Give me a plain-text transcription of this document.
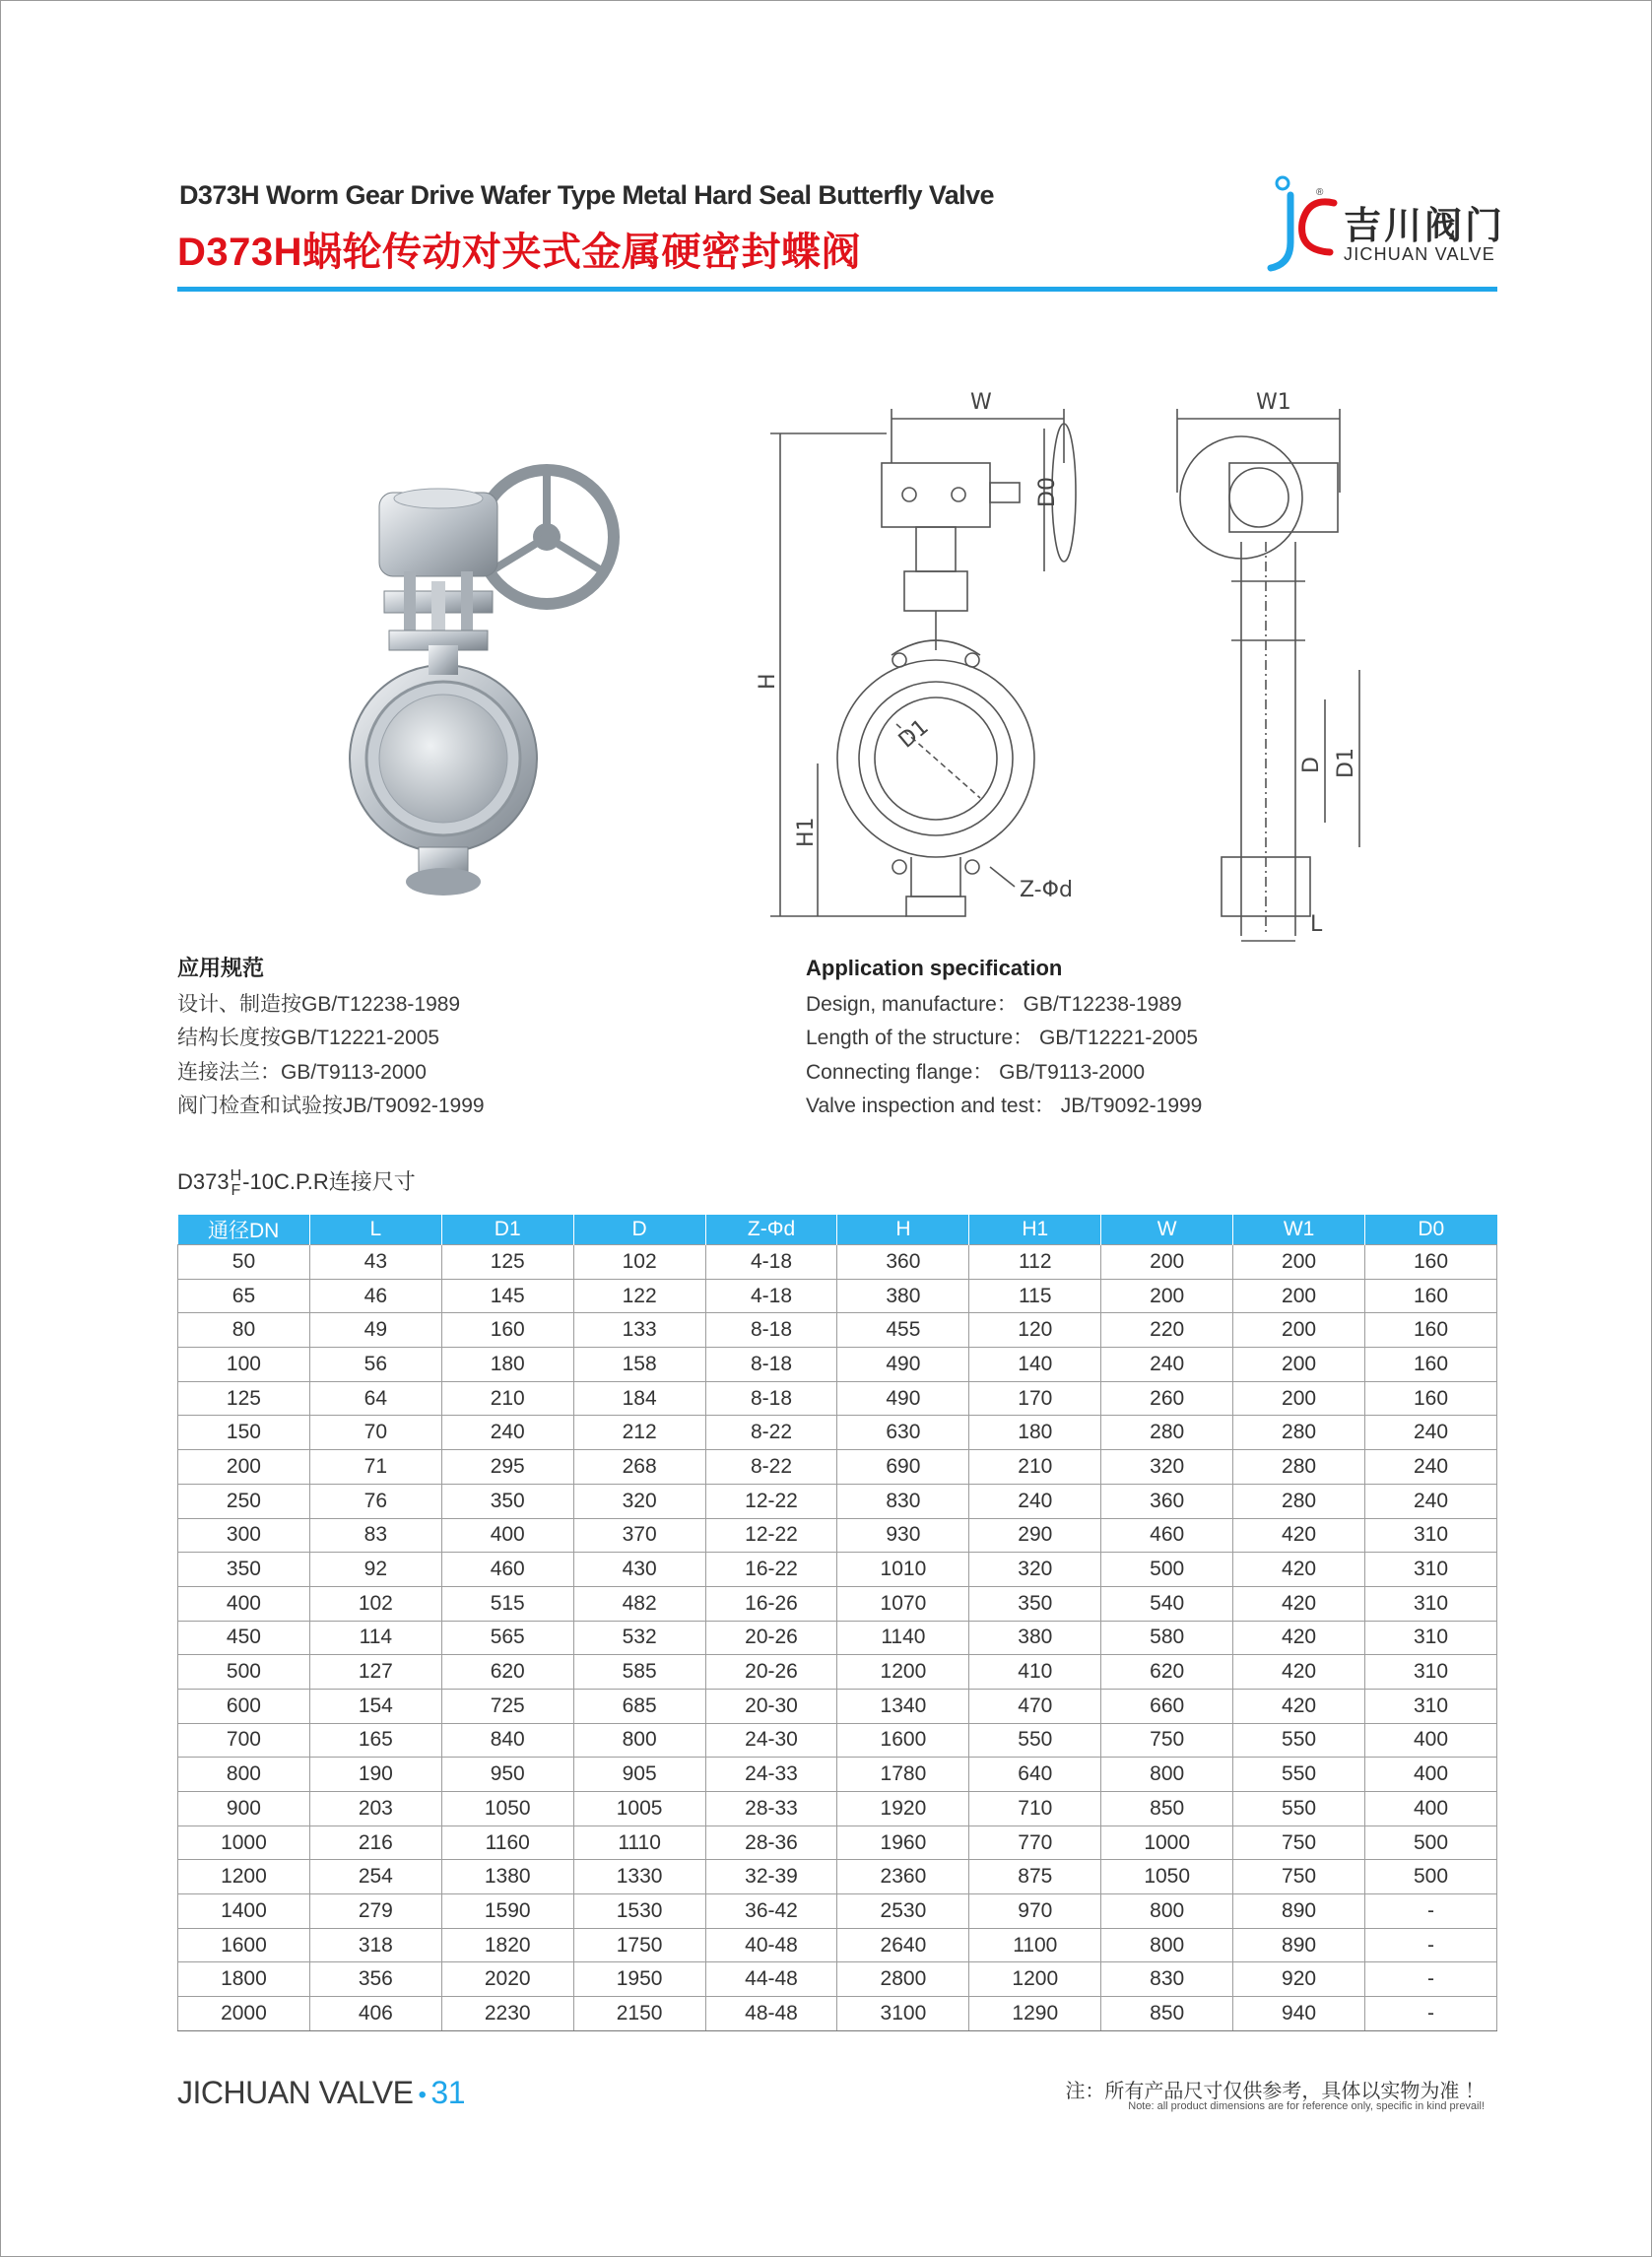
D373H Worm Gear Drive Wafer Type Metal Hard Seal Butterfly Valve
D373H蜗轮传动对夹式金属硬密封蝶阀
®
吉川阀门
JICHUAN VALVE
W	W1
D0
H
H1
D1
Z-Φd
D1
D
L
应用规范
设计、制造按GB/T12238-1989
结构长度按GB/T12221-2005
连接法兰：GB/T9113-2000
阀门检查和试验按JB/T9092-1999
Application specification
Design, manufacture： GB/T12238-1989
Length of the structure： GB/T12221-2005
Connecting flange： GB/T9113-2000
Valve inspection and test： JB/T9092-1999
D373 H
F -10C.P.R连接尺寸
通径DN	L	D1	D	Z-Φd	H	H1	W	W1	D0
50	43	125	102	4-18	360	112	200	200	160
65	46	145	122	4-18	380	115	200	200	160
80	49	160	133	8-18	455	120	220	200	160
100	56	180	158	8-18	490	140	240	200	160
125	64	210	184	8-18	490	170	260	200	160
150	70	240	212	8-22	630	180	280	280	240
200	71	295	268	8-22	690	210	320	280	240
250	76	350	320	12-22	830	240	360	280	240
300	83	400	370	12-22	930	290	460	420	310
350	92	460	430	16-22	1010	320	500	420	310
400	102	515	482	16-26	1070	350	540	420	310
450	114	565	532	20-26	1140	380	580	420	310
500	127	620	585	20-26	1200	410	620	420	310
600	154	725	685	20-30	1340	470	660	420	310
700	165	840	800	24-30	1600	550	750	550	400
800	190	950	905	24-33	1780	640	800	550	400
900	203	1050	1005	28-33	1920	710	850	550	400
1000	216	1160	1110	28-36	1960	770	1000	750	500
1200	254	1380	1330	32-39	2360	875	1050	750	500
1400	279	1590	1530	36-42	2530	970	800	890	-
1600	318	1820	1750	40-48	2640	1100	800	890	-
1800	356	2020	1950	44-48	2800	1200	830	920	-
2000	406	2230	2150	48-48	3100	1290	850	940	-
JICHUAN VALVE • 31	注：所有产品尺寸仅供参考，具体以实物为准 ！
Note: all product dimensions are for reference only, specific in kind prevail!
